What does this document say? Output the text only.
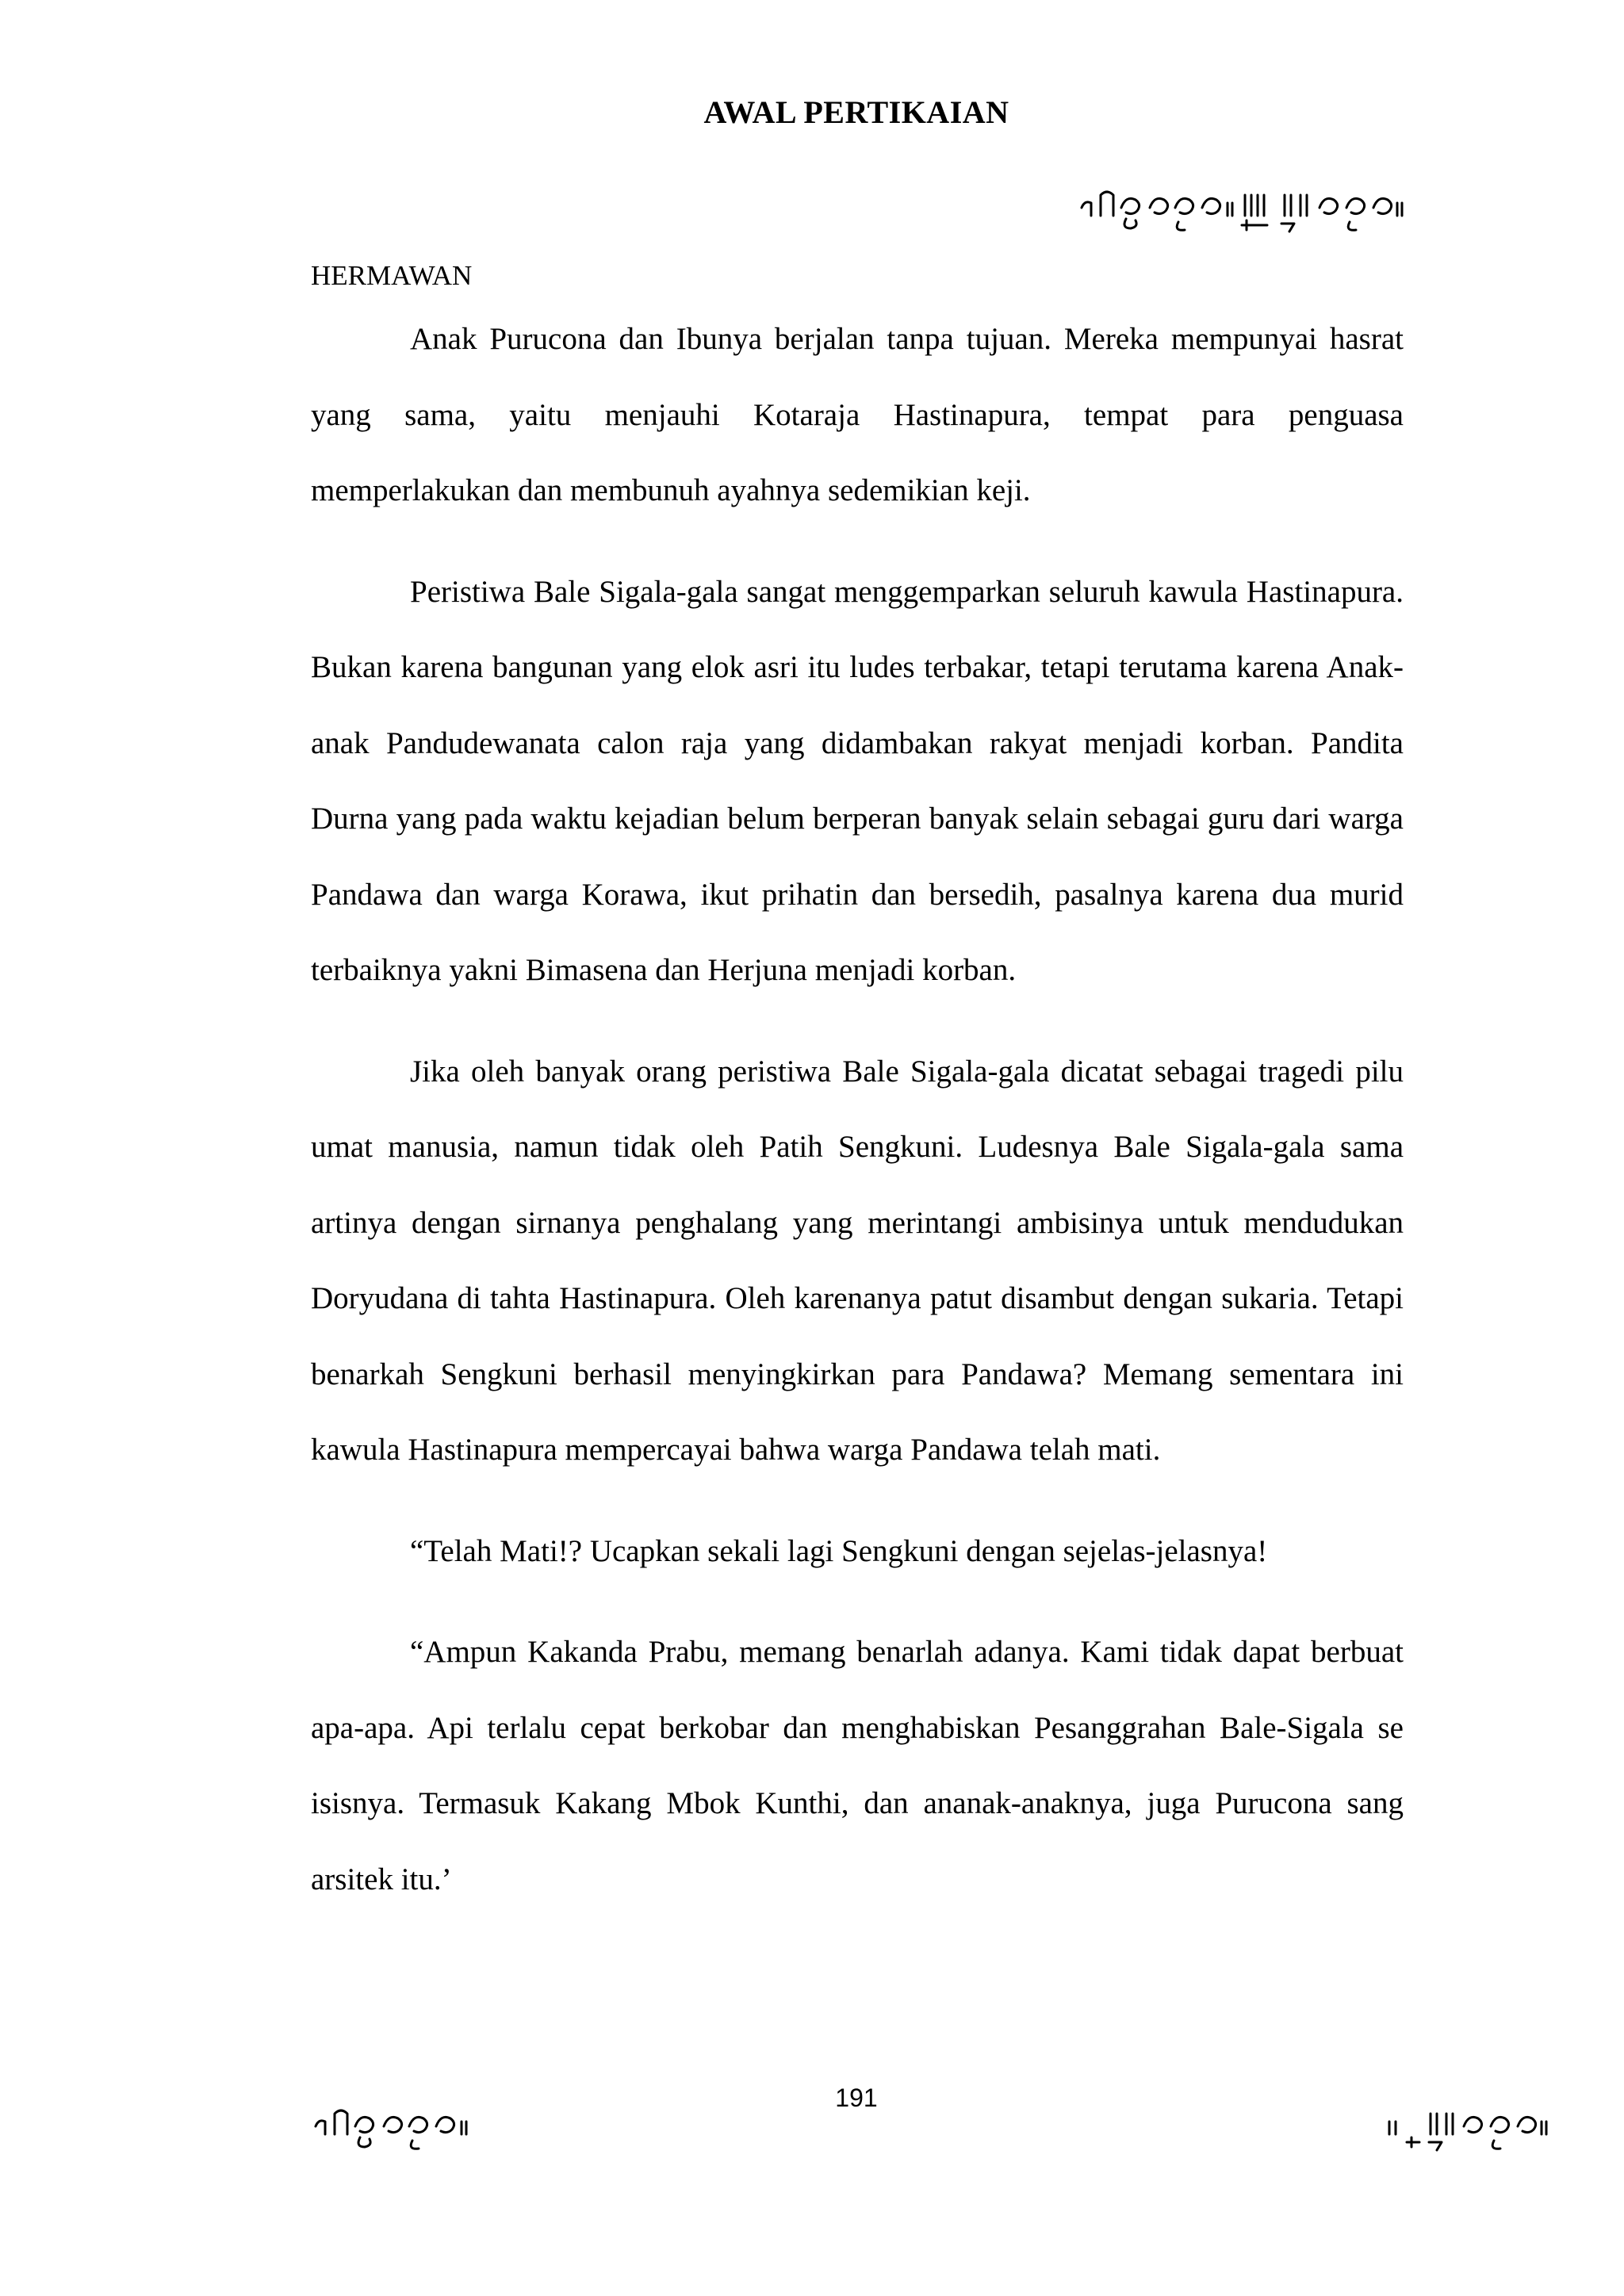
AWAL PERTIKAIAN

HERMAWAN

Anak Purucona dan Ibunya berjalan tanpa tujuan. Mereka mempunyai hasrat yang sama, yaitu menjauhi Kotaraja Hastinapura, tempat para penguasa memperlakukan dan membunuh ayahnya sedemikian keji.

Peristiwa Bale Sigala-gala sangat menggemparkan seluruh kawula Hastinapura. Bukan karena bangunan yang elok asri itu ludes terbakar, tetapi terutama karena Anak-anak Pandudewanata calon raja yang didambakan rakyat menjadi korban. Pandita Durna yang pada waktu kejadian belum berperan banyak selain sebagai guru dari warga Pandawa dan warga Korawa, ikut prihatin dan bersedih, pasalnya karena dua murid terbaiknya yakni Bimasena dan Herjuna menjadi korban.

Jika oleh banyak orang peristiwa Bale Sigala-gala dicatat sebagai tragedi pilu umat manusia, namun tidak oleh Patih Sengkuni. Ludesnya Bale Sigala-gala sama artinya dengan sirnanya penghalang yang merintangi ambisinya untuk mendudukan Doryudana di tahta Hastinapura. Oleh karenanya patut disambut dengan sukaria. Tetapi benarkah Sengkuni berhasil menyingkirkan para Pandawa? Memang sementara ini kawula Hastinapura mempercayai bahwa warga Pandawa telah mati.

“Telah Mati!? Ucapkan sekali lagi Sengkuni dengan sejelas-jelasnya!

“Ampun Kakanda Prabu, memang benarlah adanya. Kami tidak dapat berbuat apa-apa. Api terlalu cepat berkobar dan menghabiskan Pesanggrahan Bale-Sigala se isisnya. Termasuk Kakang Mbok Kunthi, dan ananak-anaknya, juga Purucona sang arsitek itu.’

191
